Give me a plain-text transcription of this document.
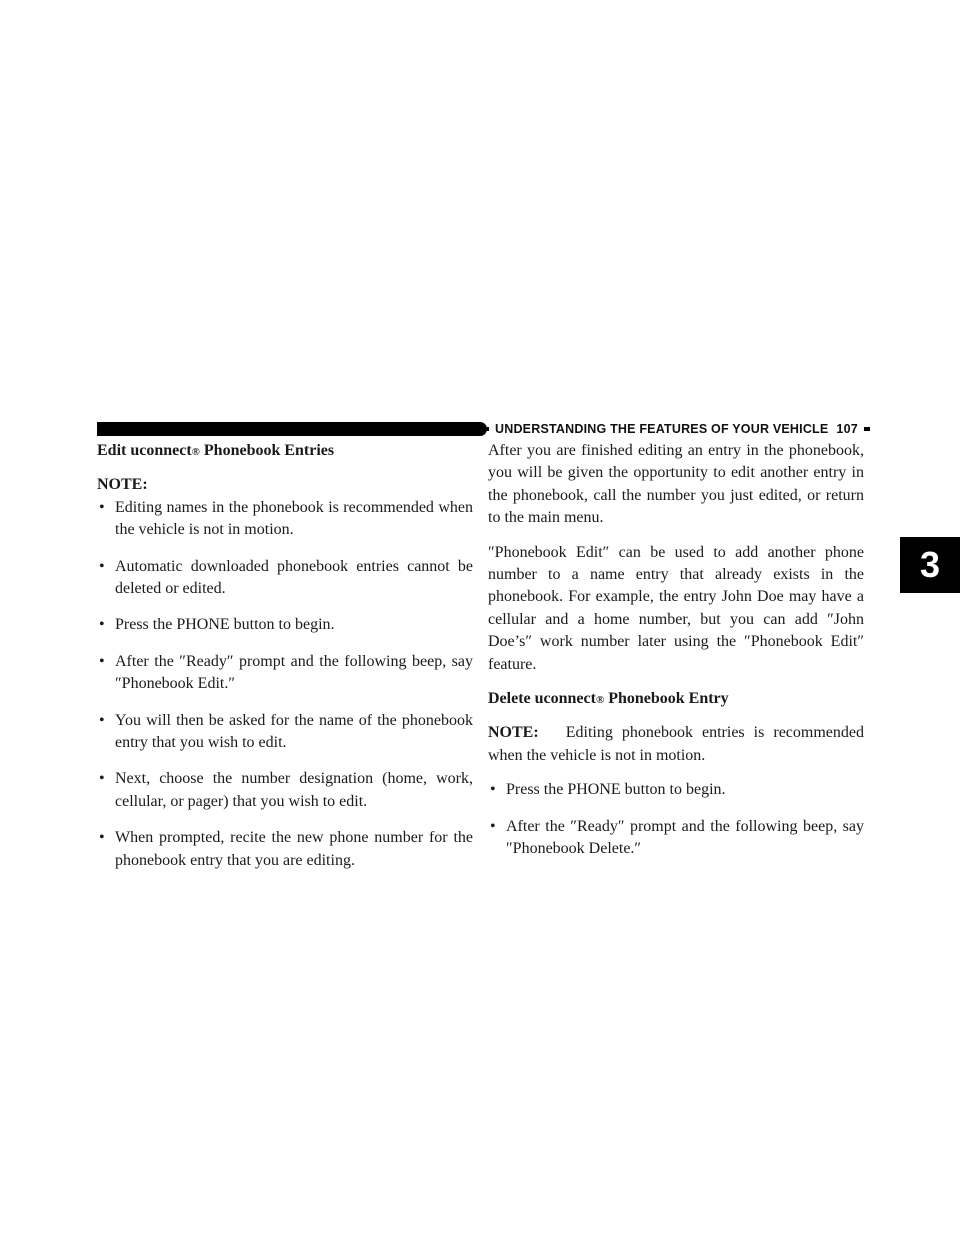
UNDERSTANDING THE FEATURES OF YOUR VEHICLE 107
3
Edit uconnect® Phonebook Entries

NOTE:

• Editing names in the phonebook is recommended when the vehicle is not in motion.
• Automatic downloaded phonebook entries cannot be deleted or edited.
• Press the PHONE button to begin.
• After the ″Ready″ prompt and the following beep, say ″Phonebook Edit.″
• You will then be asked for the name of the phonebook entry that you wish to edit.
• Next, choose the number designation (home, work, cellular, or pager) that you wish to edit.
• When prompted, recite the new phone number for the phonebook entry that you are editing.

After you are finished editing an entry in the phonebook, you will be given the opportunity to edit another entry in the phonebook, call the number you just edited, or return to the main menu.

″Phonebook Edit″ can be used to add another phone number to a name entry that already exists in the phonebook. For example, the entry John Doe may have a cellular and a home number, but you can add ″John Doe’s″ work number later using the ″Phonebook Edit″ feature.

Delete uconnect® Phonebook Entry

NOTE: Editing phonebook entries is recommended when the vehicle is not in motion.

• Press the PHONE button to begin.
• After the ″Ready″ prompt and the following beep, say ″Phonebook Delete.″
